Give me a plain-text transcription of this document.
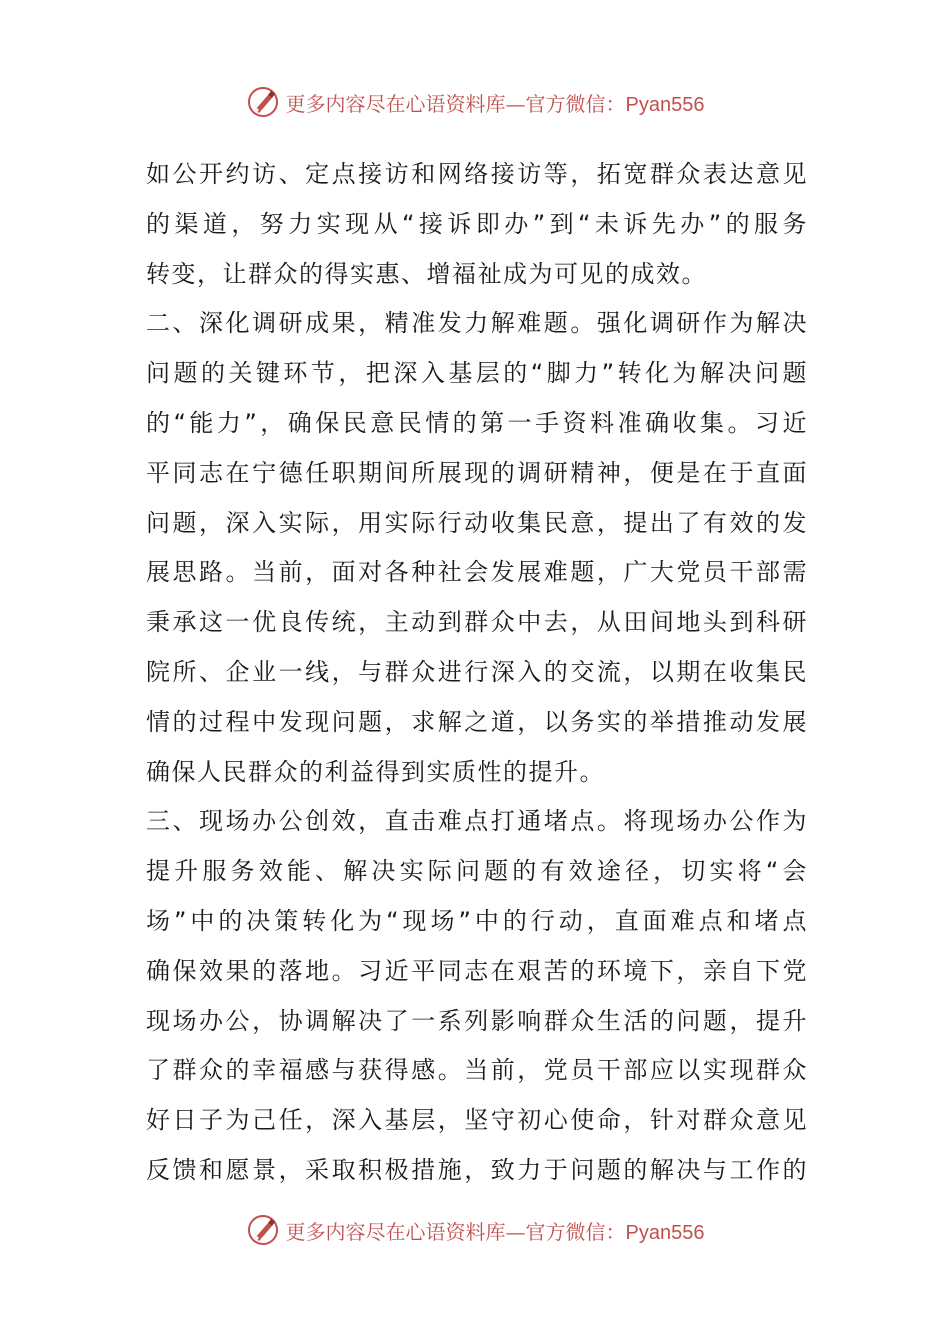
更多内容尽在心语资料库—官方微信：Pyan556
如公开约访、定点接访和网络接访等，拓宽群众表达意见
的渠道，努力实现从“接诉即办”到“未诉先办”的服务
转变，让群众的得实惠、增福祉成为可见的成效。
二、深化调研成果，精准发力解难题。强化调研作为解决
问题的关键环节，把深入基层的“脚力”转化为解决问题
的“能力”，确保民意民情的第一手资料准确收集。习近
平同志在宁德任职期间所展现的调研精神，便是在于直面
问题，深入实际，用实际行动收集民意，提出了有效的发
展思路。当前，面对各种社会发展难题，广大党员干部需
秉承这一优良传统，主动到群众中去，从田间地头到科研
院所、企业一线，与群众进行深入的交流，以期在收集民
情的过程中发现问题，求解之道，以务实的举措推动发展
确保人民群众的利益得到实质性的提升。
三、现场办公创效，直击难点打通堵点。将现场办公作为
提升服务效能、解决实际问题的有效途径，切实将“会
场”中的决策转化为“现场”中的行动，直面难点和堵点
确保效果的落地。习近平同志在艰苦的环境下，亲自下党
现场办公，协调解决了一系列影响群众生活的问题，提升
了群众的幸福感与获得感。当前，党员干部应以实现群众
好日子为己任，深入基层，坚守初心使命，针对群众意见
反馈和愿景，采取积极措施，致力于问题的解决与工作的
更多内容尽在心语资料库—官方微信：Pyan556
